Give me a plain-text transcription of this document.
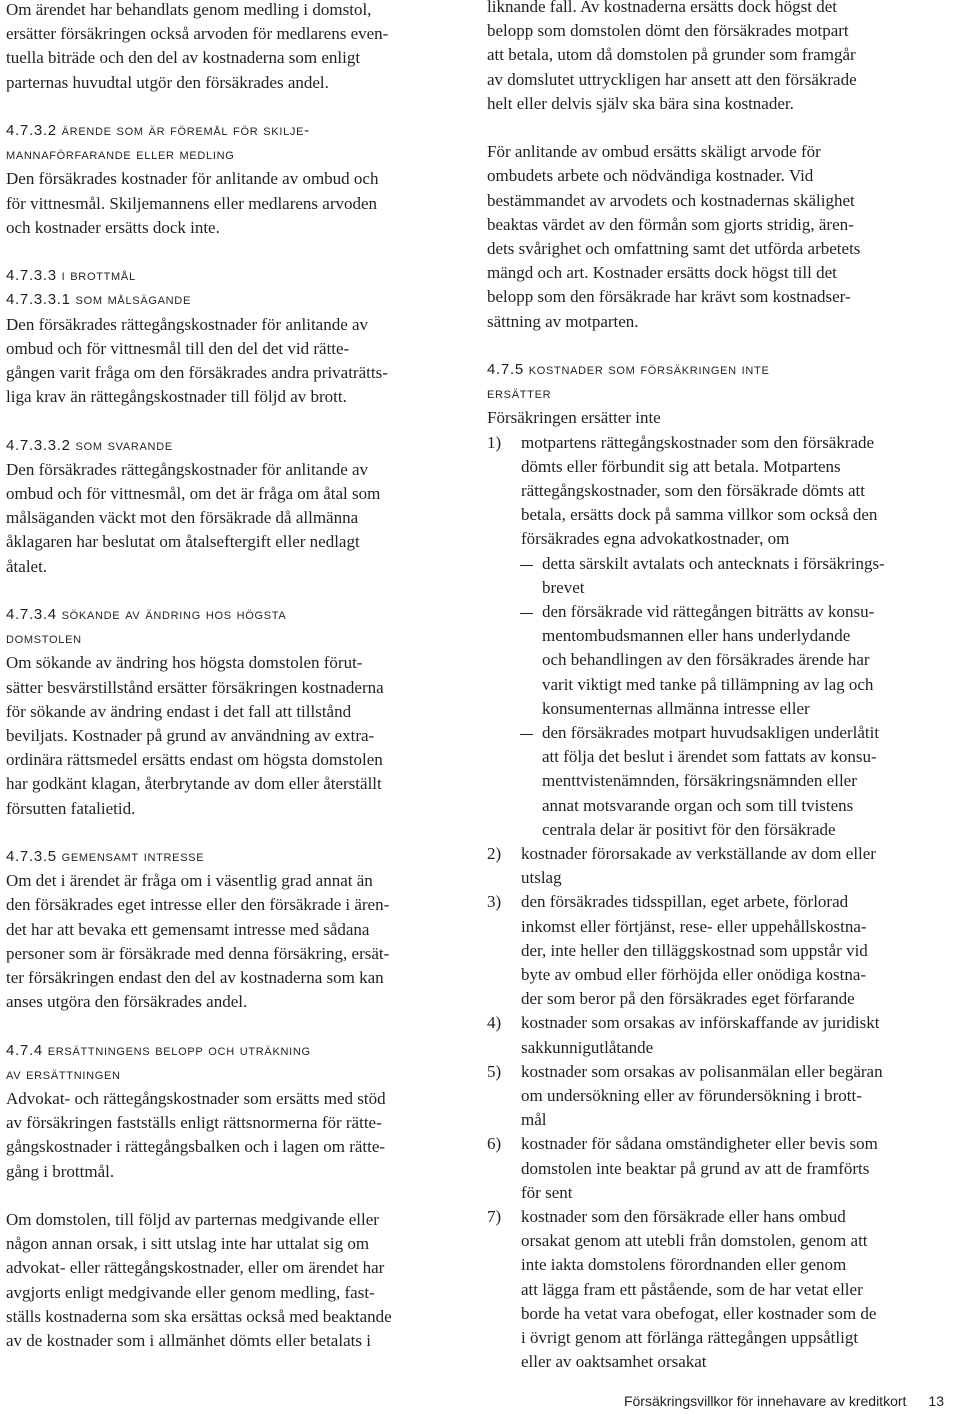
Om ärendet har behandlats genom medling i domstol,
ersätter försäkringen också arvoden för medlarens even-
tuella biträde och den del av kostnaderna som enligt
parternas huvudtal utgör den försäkrades andel.
4.7.3.2 ärende som är föremål för skilje-
mannaförfarande eller medling
Den försäkrades kostnader för anlitande av ombud och
för vittnesmål. Skiljemannens eller medlarens arvoden
och kostnader ersätts dock inte.
4.7.3.3 i brottmål
4.7.3.3.1 som målsägande
Den försäkrades rättegångskostnader för anlitande av
ombud och för vittnesmål till den del det vid rätte-
gången varit fråga om den försäkrades andra privaträtts-
liga krav än rättegångskostnader till följd av brott.
4.7.3.3.2 som svarande
Den försäkrades rättegångskostnader för anlitande av
ombud och för vittnesmål, om det är fråga om åtal som
målsäganden väckt mot den försäkrade då allmänna
åklagaren har beslutat om åtalseftergift eller nedlagt
åtalet.
4.7.3.4 sökande av ändring hos högsta
domstolen
Om sökande av ändring hos högsta domstolen förut-
sätter besvärstillstånd ersätter försäkringen kostnaderna
för sökande av ändring endast i det fall att tillstånd
beviljats. Kostnader på grund av användning av extra-
ordinära rättsmedel ersätts endast om högsta domstolen
har godkänt klagan, återbrytande av dom eller återställt
försutten fatalietid.
4.7.3.5 gemensamt intresse
Om det i ärendet är fråga om i väsentlig grad annat än
den försäkrades eget intresse eller den försäkrade i ären-
det har att bevaka ett gemensamt intresse med sådana
personer som är försäkrade med denna försäkring, ersät-
ter försäkringen endast den del av kostnaderna som kan
anses utgöra den försäkrades andel.
4.7.4 ersättningens belopp och uträkning
av ersättningen
Advokat- och rättegångskostnader som ersätts med stöd
av försäkringen fastställs enligt rättsnormerna för rätte-
gångskostnader i rättegångsbalken och i lagen om rätte-
gång i brottmål.
Om domstolen, till följd av parternas medgivande eller
någon annan orsak, i sitt utslag inte har uttalat sig om
advokat- eller rättegångskostnader, eller om ärendet har
avgjorts enligt medgivande eller genom medling, fast-
ställs kostnaderna som ska ersättas också med beaktande
av de kostnader som i allmänhet dömts eller betalats i
liknande fall. Av kostnaderna ersätts dock högst det
belopp som domstolen dömt den försäkrades motpart
att betala, utom då domstolen på grunder som framgår
av domslutet uttryckligen har ansett att den försäkrade
helt eller delvis själv ska bära sina kostnader.
För anlitande av ombud ersätts skäligt arvode för
ombudets arbete och nödvändiga kostnader. Vid
bestämmandet av arvodets och kostnadernas skälighet
beaktas värdet av den förmån som gjorts stridig, ären-
dets svårighet och omfattning samt det utförda arbetets
mängd och art. Kostnader ersätts dock högst till det
belopp som den försäkrade har krävt som kostnadser-
sättning av motparten.
4.7.5 kostnader som försäkringen inte
ersätter
Försäkringen ersätter inte
1) motpartens rättegångskostnader som den försäkrade
dömts eller förbundit sig att betala. Motpartens
rättegångskostnader, som den försäkrade dömts att
betala, ersätts dock på samma villkor som också den
försäkrades egna advokatkostnader, om
detta särskilt avtalats och antecknats i försäkrings-
brevet
den försäkrade vid rättegången biträtts av konsu-
mentombudsmannen eller hans underlydande
och behandlingen av den försäkrades ärende har
varit viktigt med tanke på tillämpning av lag och
konsumenternas allmänna intresse eller
den försäkrades motpart huvudsakligen underlåtit
att följa det beslut i ärendet som fattats av konsu-
menttvistenämnden, försäkringsnämnden eller
annat motsvarande organ och som till tvistens
centrala delar är positivt för den försäkrade
2) kostnader förorsakade av verkställande av dom eller
utslag
3) den försäkrades tidsspillan, eget arbete, förlorad
inkomst eller förtjänst, rese- eller uppehållskostna-
der, inte heller den tilläggskostnad som uppstår vid
byte av ombud eller förhöjda eller onödiga kostna-
der som beror på den försäkrades eget förfarande
4) kostnader som orsakas av införskaffande av juridiskt
sakkunnigutlåtande
5) kostnader som orsakas av polisanmälan eller begäran
om undersökning eller av förundersökning i brott-
mål
6) kostnader för sådana omständigheter eller bevis som
domstolen inte beaktar på grund av att de framförts
för sent
7) kostnader som den försäkrade eller hans ombud
orsakat genom att utebli från domstolen, genom att
inte iakta domstolens förordnanden eller genom
att lägga fram ett påstående, som de har vetat eller
borde ha vetat vara obefogat, eller kostnader som de
i övrigt genom att förlänga rättegången uppsåtligt
eller av oaktsamhet orsakat
Försäkringsvillkor för innehavare av kreditkort 13
